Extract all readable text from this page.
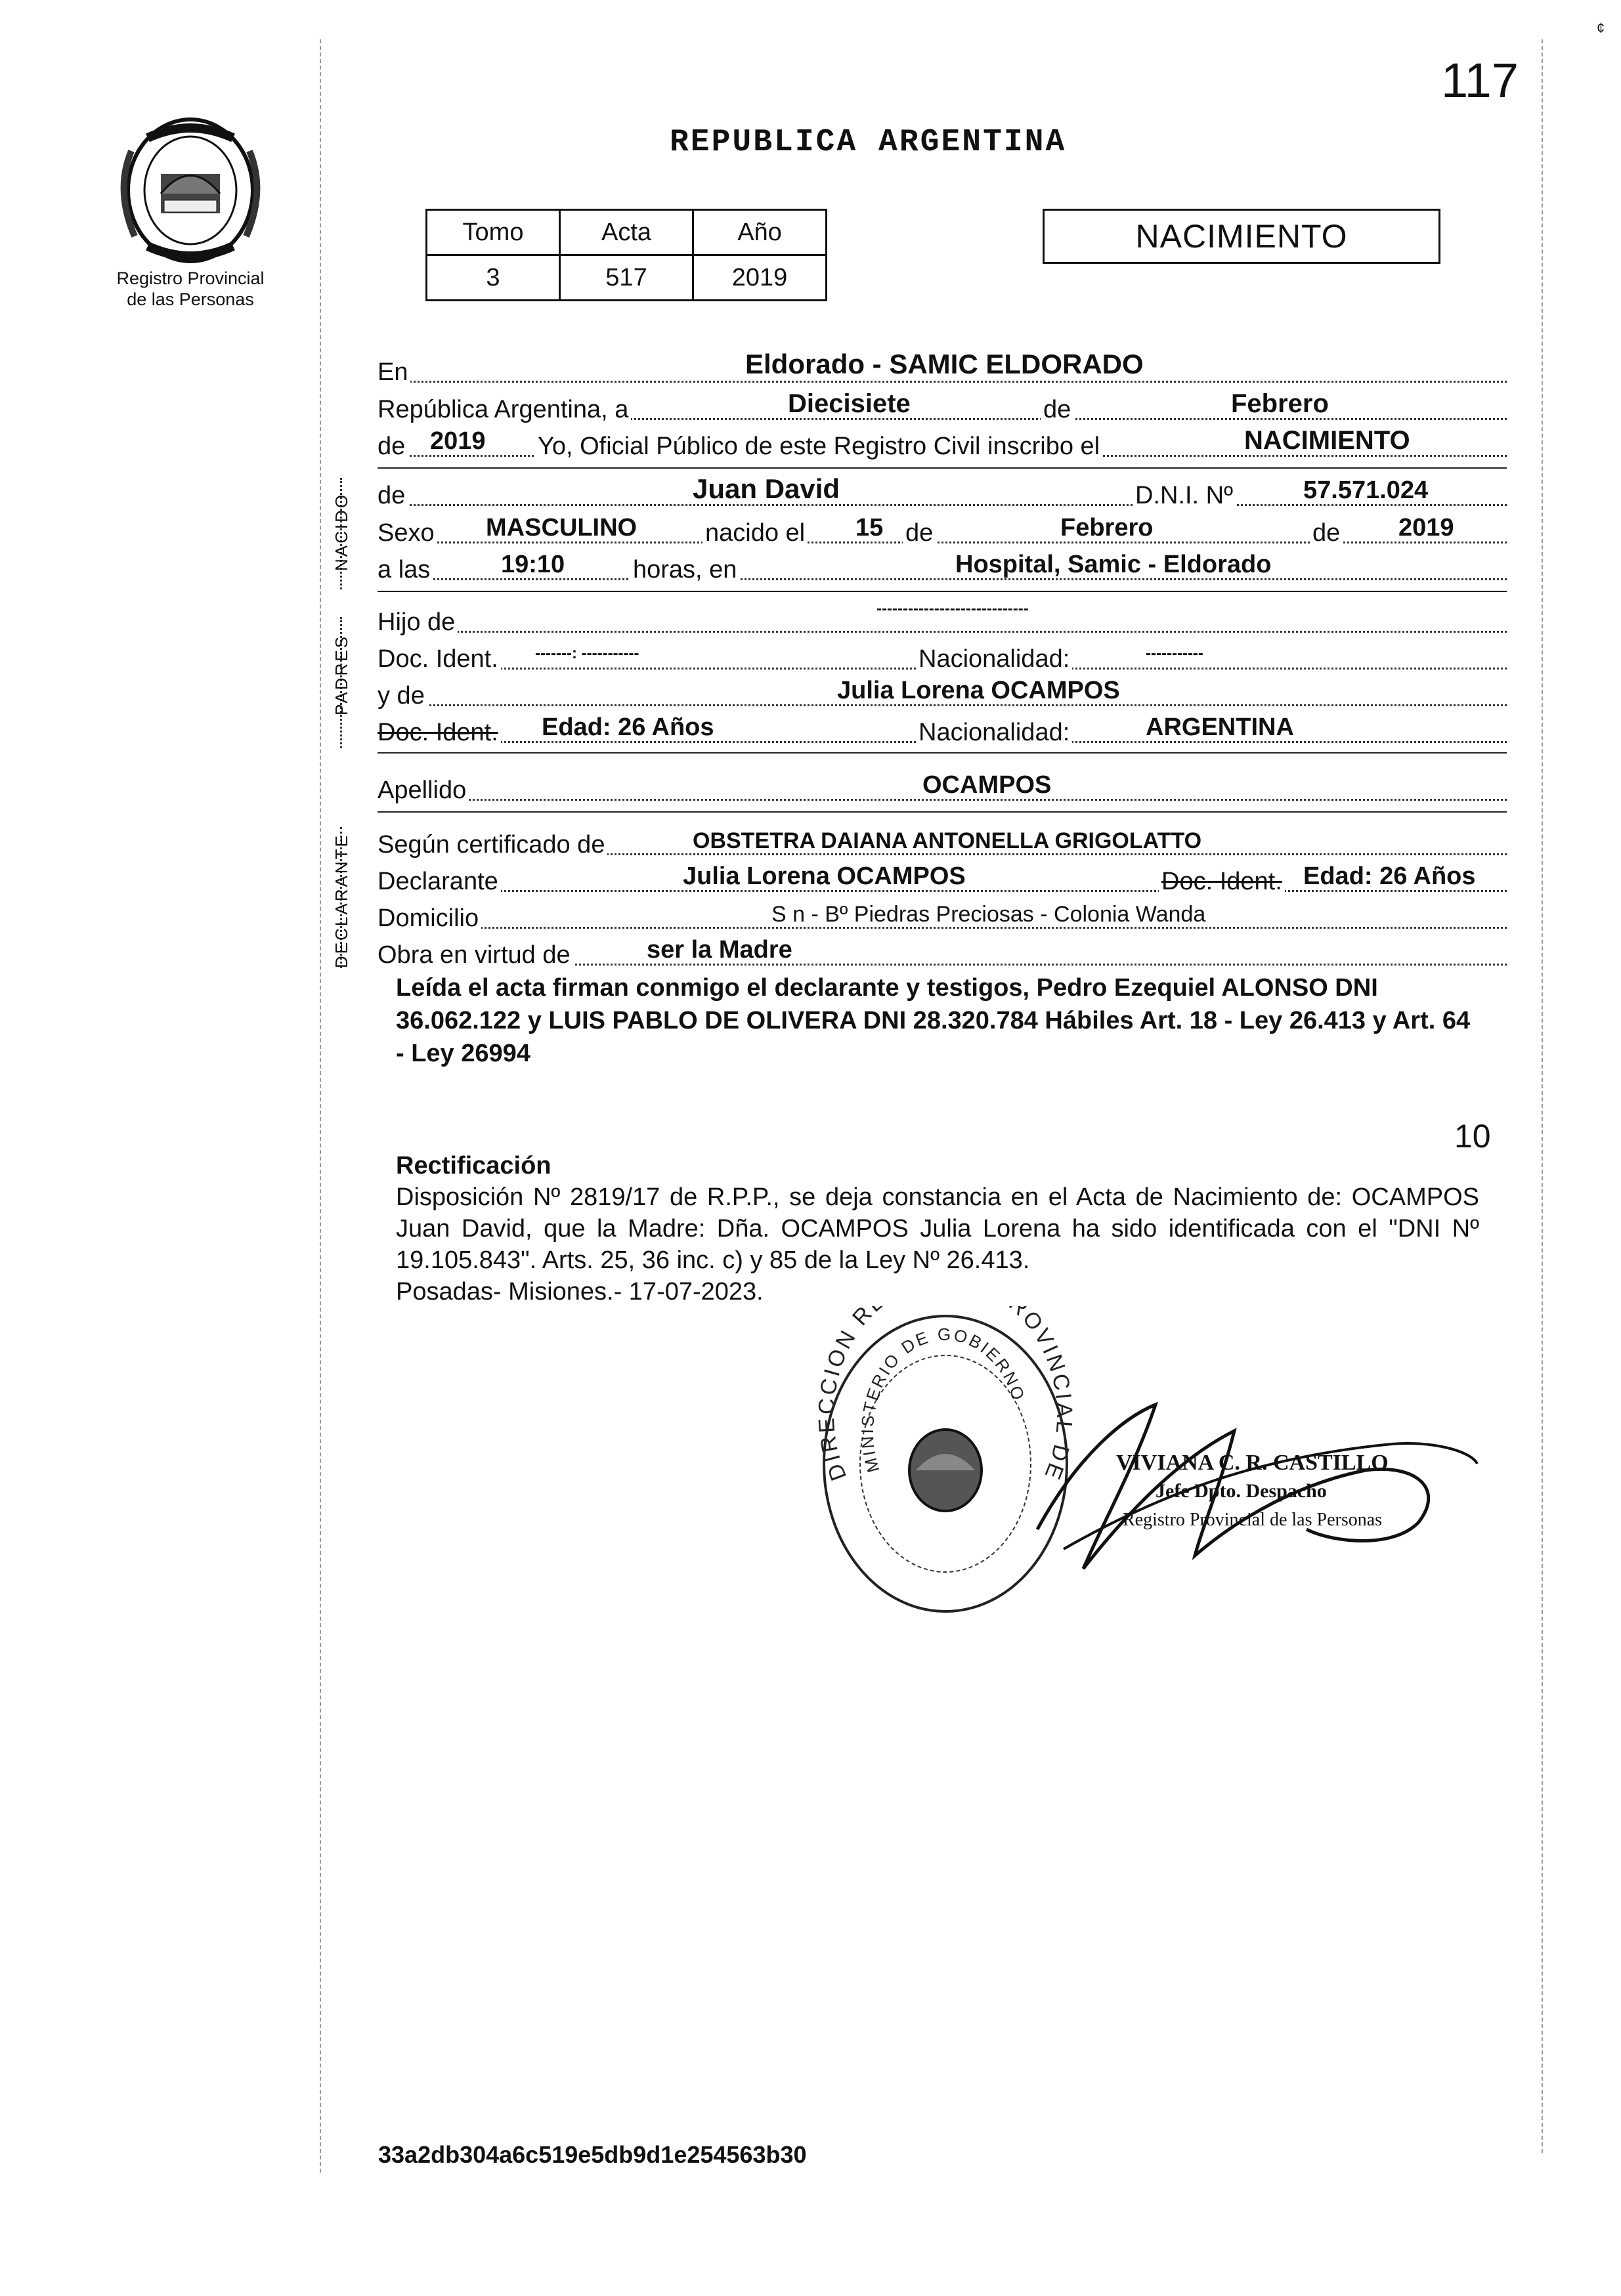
¢
117
Registro Provincial
de las Personas
REPUBLICA ARGENTINA
Tomo	Acta	Año
3	517	2019
NACIMIENTO
En	Eldorado - SAMIC ELDORADO
República Argentina, a	Diecisiete	de	Febrero
de 2019 Yo, Oficial Público de este Registro Civil inscribo el	NACIMIENTO
de	Juan David	D.N.I. Nº	57.571.024
Sexo MASCULINO	nacido el 15 de	Febrero	de 2019
a las	19:10	horas, en	Hospital, Samic - Eldorado
Hijo de	-----------------------------
Doc. Ident. -------: -----------	Nacionalidad:	-----------
y de	Julia Lorena OCAMPOS
Doc. Ident. Edad: 26 Años	Nacionalidad:	ARGENTINA
Apellido	OCAMPOS
Según certificado de	OBSTETRA DAIANA ANTONELLA GRIGOLATTO
Declarante	Julia Lorena OCAMPOS	Doc. Ident. Edad: 26 Años
Domicilio	S n - Bº Piedras Preciosas - Colonia Wanda
Obra en virtud de	ser la Madre
NACIDO
PADRES
DECLARANTE
Leída el acta firman conmigo el declarante y testigos, Pedro Ezequiel ALONSO DNI 36.062.122 y LUIS PABLO DE OLIVERA DNI 28.320.784 Hábiles Art. 18 - Ley 26.413 y Art. 64 - Ley 26994
10
Rectificación
Disposición Nº 2819/17 de R.P.P., se deja constancia en el Acta de Nacimiento de: OCAMPOS Juan David, que la Madre: Dña. OCAMPOS Julia Lorena ha sido identificada con el "DNI Nº 19.105.843". Arts. 25, 36 inc. c) y 85 de la Ley Nº 26.413.
Posadas- Misiones.- 17-07-2023.
DIRECCION R ROVINCIAL DE
MINISTERIO DE GOBIERNO
VIVIANA C. R. CASTILLO
Jefe Dpto. Despacho
Registro Provincial de las Personas
33a2db304a6c519e5db9d1e254563b30
